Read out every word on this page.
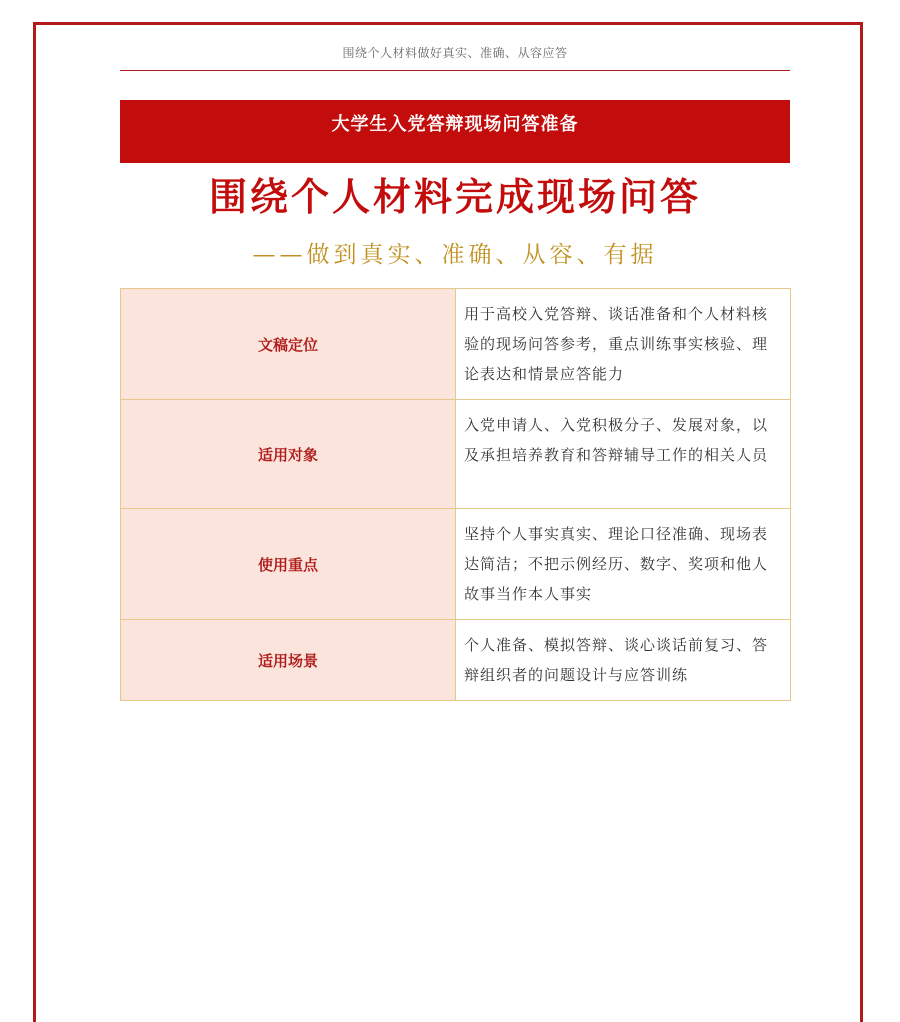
围绕个人材料做好真实、准确、从容应答
大学生入党答辩现场问答准备
围绕个人材料完成现场问答
——做到真实、准确、从容、有据
文稿定位	用于高校入党答辩、谈话准备和个人材料核验的现场问答参考，重点训练事实核验、理论表达和情景应答能力
适用对象	入党申请人、入党积极分子、发展对象，以及承担培养教育和答辩辅导工作的相关人员
使用重点	坚持个人事实真实、理论口径准确、现场表达简洁；不把示例经历、数字、奖项和他人故事当作本人事实
适用场景	个人准备、模拟答辩、谈心谈话前复习、答辩组织者的问题设计与应答训练
